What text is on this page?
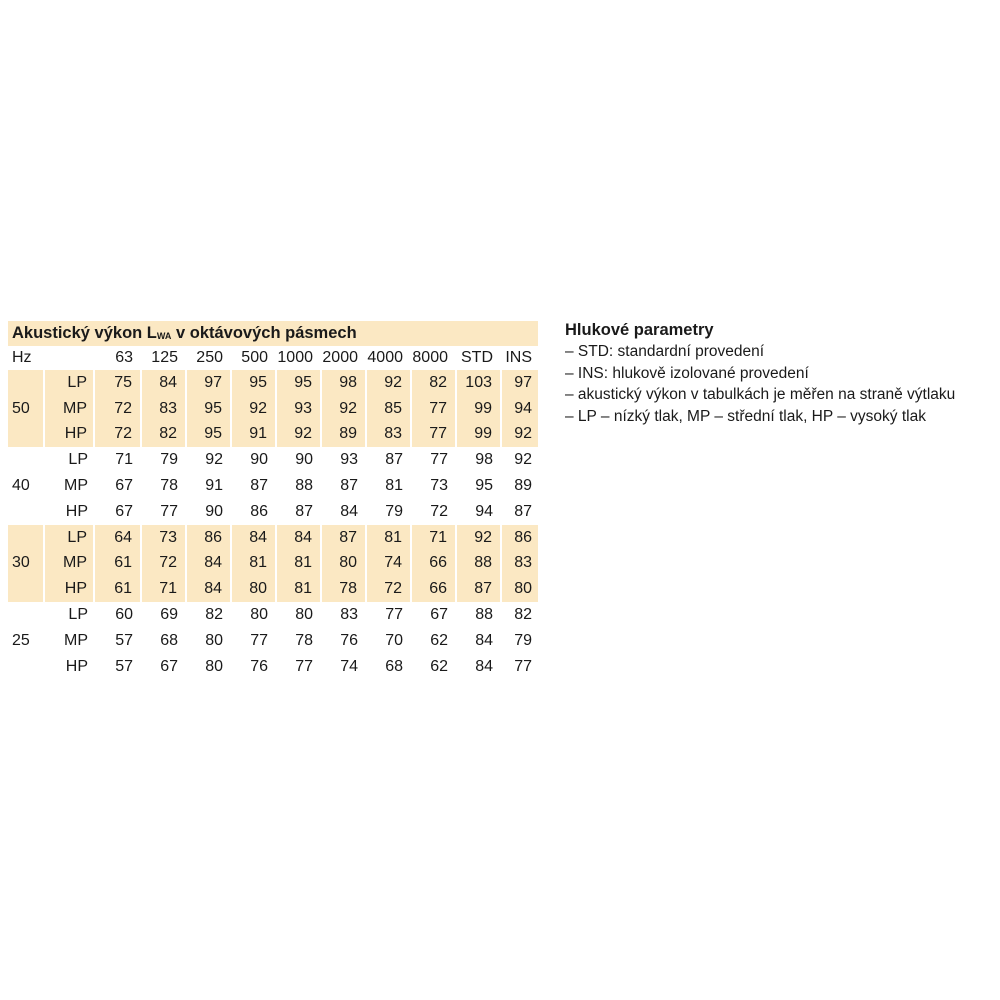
Akustický výkon $L_{WA}$ v oktávových pásmech
Hz		63	125	250	500	1000	2000	4000	8000	STD	INS
	LP	75	84	97	95	95	98	92	82	103	97
50	MP	72	83	95	92	93	92	85	77	99	94
	HP	72	82	95	91	92	89	83	77	99	92
	LP	71	79	92	90	90	93	87	77	98	92
40	MP	67	78	91	87	88	87	81	73	95	89
	HP	67	77	90	86	87	84	79	72	94	87
	LP	64	73	86	84	84	87	81	71	92	86
30	MP	61	72	84	81	81	80	74	66	88	83
	HP	61	71	84	80	81	78	72	66	87	80
	LP	60	69	82	80	80	83	77	67	88	82
25	MP	57	68	80	77	78	76	70	62	84	79
	HP	57	67	80	76	77	74	68	62	84	77
Hlukové parametry
– STD: standardní provedení
– INS: hlukově izolované provedení
– akustický výkon v tabulkách je měřen na straně výtlaku
– LP – nízký tlak, MP – střední tlak, HP – vysoký tlak
